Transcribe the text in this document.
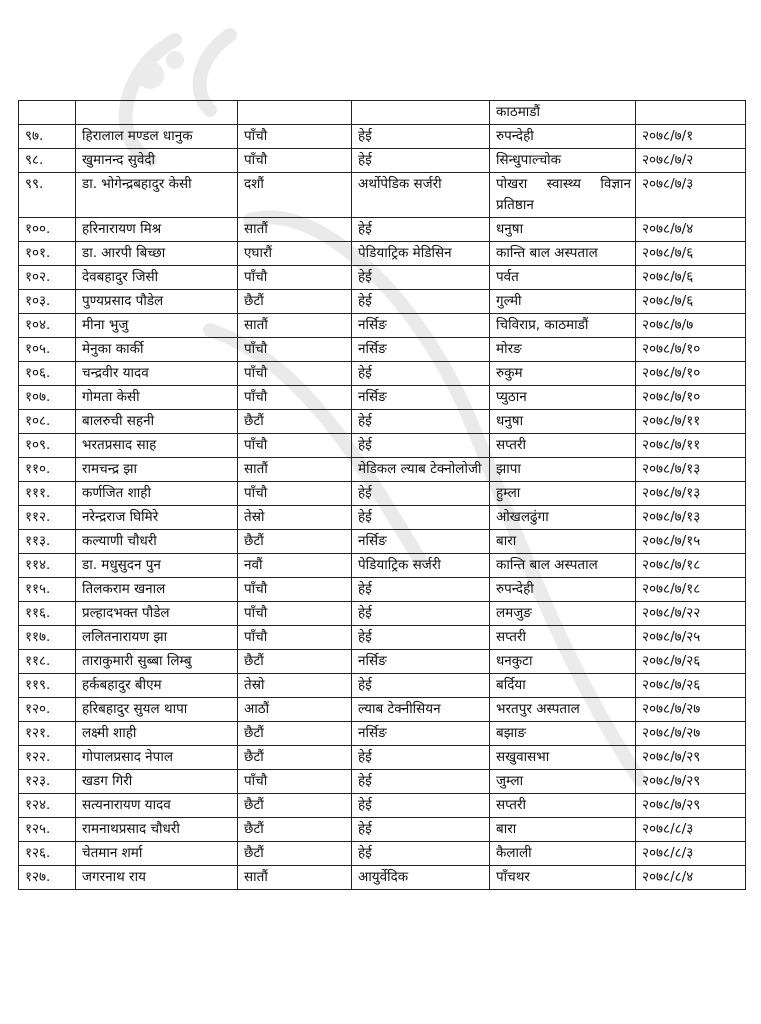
				काठमाडौं	
९७.	हिरालाल मण्डल धानुक	पाँचौ	हेई	रुपन्देही	२०७८/७/१
९८.	खुमानन्द सुवेदी	पाँचौ	हेई	सिन्धुपाल्चोक	२०७८/७/२
९९.	डा. भोगेन्द्रबहादुर केसी	दशौं	अर्थोपेडिक सर्जरी	पोखरा स्वास्थ्य विज्ञान प्रतिष्ठान	२०७८/७/३
१००.	हरिनारायण मिश्र	सातौं	हेई	धनुषा	२०७८/७/४
१०१.	डा. आरपी बिच्छा	एघारौं	पेडियाट्रिक मेडिसिन	कान्ति बाल अस्पताल	२०७८/७/६
१०२.	देवबहादुर जिसी	पाँचौ	हेई	पर्वत	२०७८/७/६
१०३.	पुण्यप्रसाद पौडेल	छैटौं	हेई	गुल्मी	२०७८/७/६
१०४.	मीना भुजु	सातौं	नर्सिङ	चिविराप्र, काठमाडौं	२०७८/७/७
१०५.	मेनुका कार्की	पाँचौ	नर्सिङ	मोरङ	२०७८/७/१०
१०६.	चन्द्रवीर यादव	पाँचौ	हेई	रुकुम	२०७८/७/१०
१०७.	गोमता केसी	पाँचौ	नर्सिङ	प्युठान	२०७८/७/१०
१०८.	बालरुची सहनी	छैटौं	हेई	धनुषा	२०७८/७/११
१०९.	भरतप्रसाद साह	पाँचौ	हेई	सप्तरी	२०७८/७/११
११०.	रामचन्द्र झा	सातौं	मेडिकल ल्याब टेक्नोलोजी	झापा	२०७८/७/१३
१११.	कर्णजित शाही	पाँचौ	हेई	हुम्ला	२०७८/७/१३
११२.	नरेन्द्रराज घिमिरे	तेस्रो	हेई	ओखलढुंगा	२०७८/७/१३
११३.	कल्याणी चौधरी	छैटौं	नर्सिङ	बारा	२०७८/७/१५
११४.	डा. मधुसुदन पुन	नवौं	पेडियाट्रिक सर्जरी	कान्ति बाल अस्पताल	२०७८/७/१८
११५.	तिलकराम खनाल	पाँचौ	हेई	रुपन्देही	२०७८/७/१८
११६.	प्रल्हादभक्त पौडेल	पाँचौ	हेई	लमजुङ	२०७८/७/२२
११७.	ललितनारायण झा	पाँचौ	हेई	सप्तरी	२०७८/७/२५
११८.	ताराकुमारी सुब्बा लिम्बु	छैटौं	नर्सिङ	धनकुटा	२०७८/७/२६
११९.	हर्कबहादुर बीएम	तेस्रो	हेई	बर्दिया	२०७८/७/२६
१२०.	हरिबहादुर सुयल थापा	आठौं	ल्याब टेक्नीसियन	भरतपुर अस्पताल	२०७८/७/२७
१२१.	लक्ष्मी शाही	छैटौं	नर्सिङ	बझाङ	२०७८/७/२७
१२२.	गोपालप्रसाद नेपाल	छैटौं	हेई	सखुवासभा	२०७८/७/२९
१२३.	खडग गिरी	पाँचौ	हेई	जुम्ला	२०७८/७/२९
१२४.	सत्यनारायण यादव	छैटौं	हेई	सप्तरी	२०७८/७/२९
१२५.	रामनाथप्रसाद चौधरी	छैटौं	हेई	बारा	२०७८/८/३
१२६.	चेतमान शर्मा	छैटौं	हेई	कैलाली	२०७८/८/३
१२७.	जगरनाथ राय	सातौं	आयुर्वेदिक	पाँचथर	२०७८/८/४
